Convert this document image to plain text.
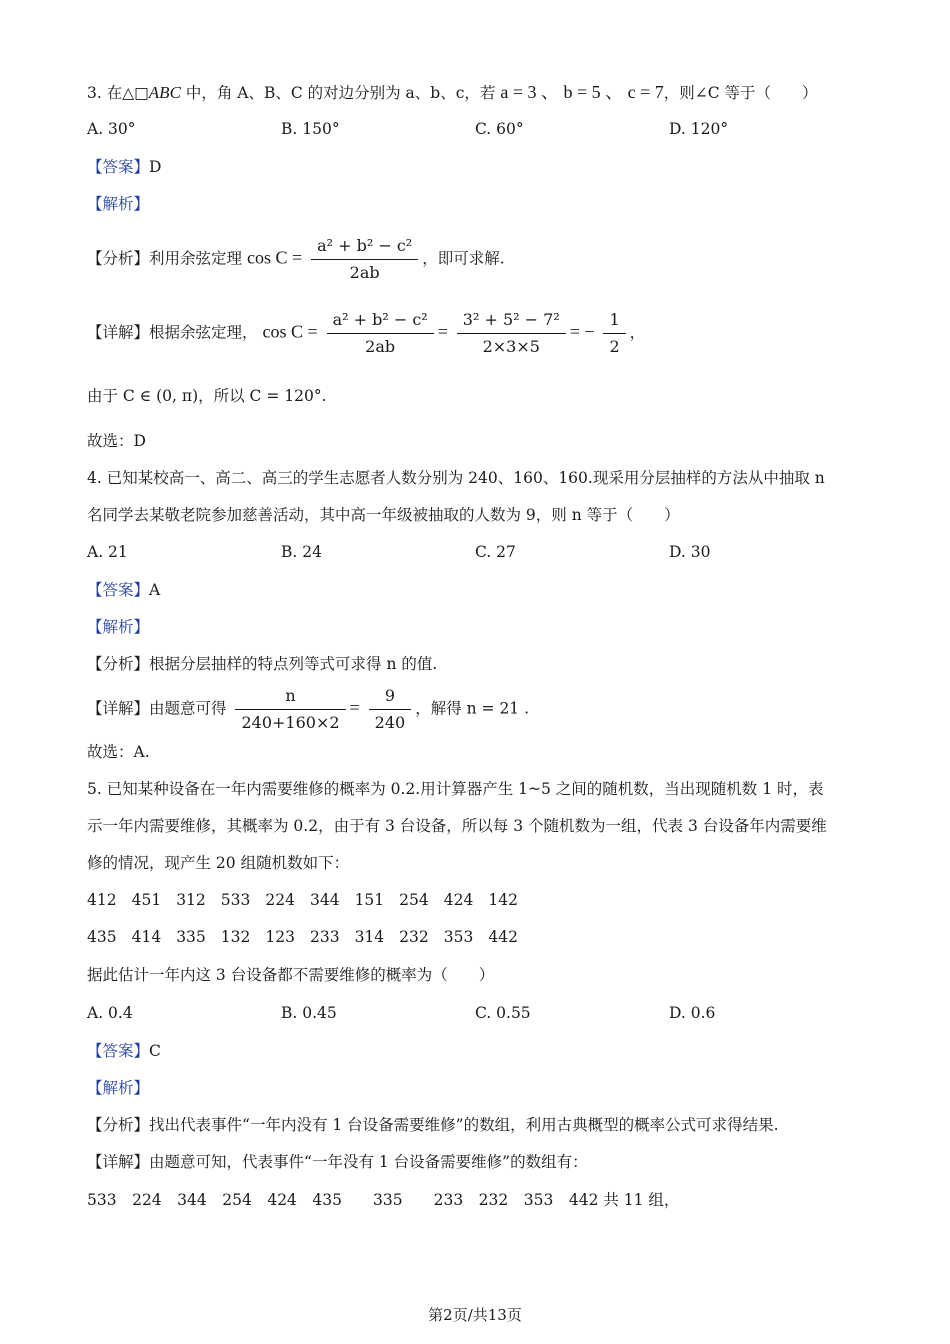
3. 在△□ABC 中，角 A、B、C 的对边分别为 a、b、c，若 a = 3 、 b = 5 、 c = 7，则∠C 等于（　　）
A. 30°	B. 150°	C. 60°	D. 120°
【答案】D
【解析】
【分析】利用余弦定理 $\cos C = \frac{\text{a² + b² − c²}}{2ab}$ ，即可求解.
【详解】根据余弦定理， $\cos C = \frac{\text{a² + b² − c²}}{2ab} = \frac{\text{3² + 5² − 7²}}{2\times 3\times 5}$ = − $\frac{1}{2}$ ，
由于 C ∈ (0, π)，所以 C = 120°.
故选：D
4. 已知某校高一、高二、高三的学生志愿者人数分别为 240、160、160.现采用分层抽样的方法从中抽取 n
名同学去某敬老院参加慈善活动，其中高一年级被抽取的人数为 9，则 n 等于（　　）
A. 21	B. 24	C. 27	D. 30
【答案】A
【解析】
【分析】根据分层抽样的特点列等式可求得 n 的值.
【详解】由题意可得 $\frac{n}{240+160\times 2} = \frac{9}{240}$ ，解得 n = 21 .
故选：A.
5. 已知某种设备在一年内需要维修的概率为 0.2.用计算器产生 1~5 之间的随机数，当出现随机数 1 时，表
示一年内需要维修，其概率为 0.2，由于有 3 台设备，所以每 3 个随机数为一组，代表 3 台设备年内需要维
修的情况，现产生 20 组随机数如下：
412 451 312 533 224 344 151 254 424 142
435 414 335 132 123 233 314 232 353 442
据此估计一年内这 3 台设备都不需要维修的概率为（　　）
A. 0.4	B. 0.45	C. 0.55	D. 0.6
【答案】C
【解析】
【分析】找出代表事件“一年内没有 1 台设备需要维修”的数组，利用古典概型的概率公式可求得结果.
【详解】由题意可知，代表事件“一年没有 1 台设备需要维修”的数组有：
533　224　344　254　424　435　　335　　233　232　353　442 共 11 组，
第2页/共13页
